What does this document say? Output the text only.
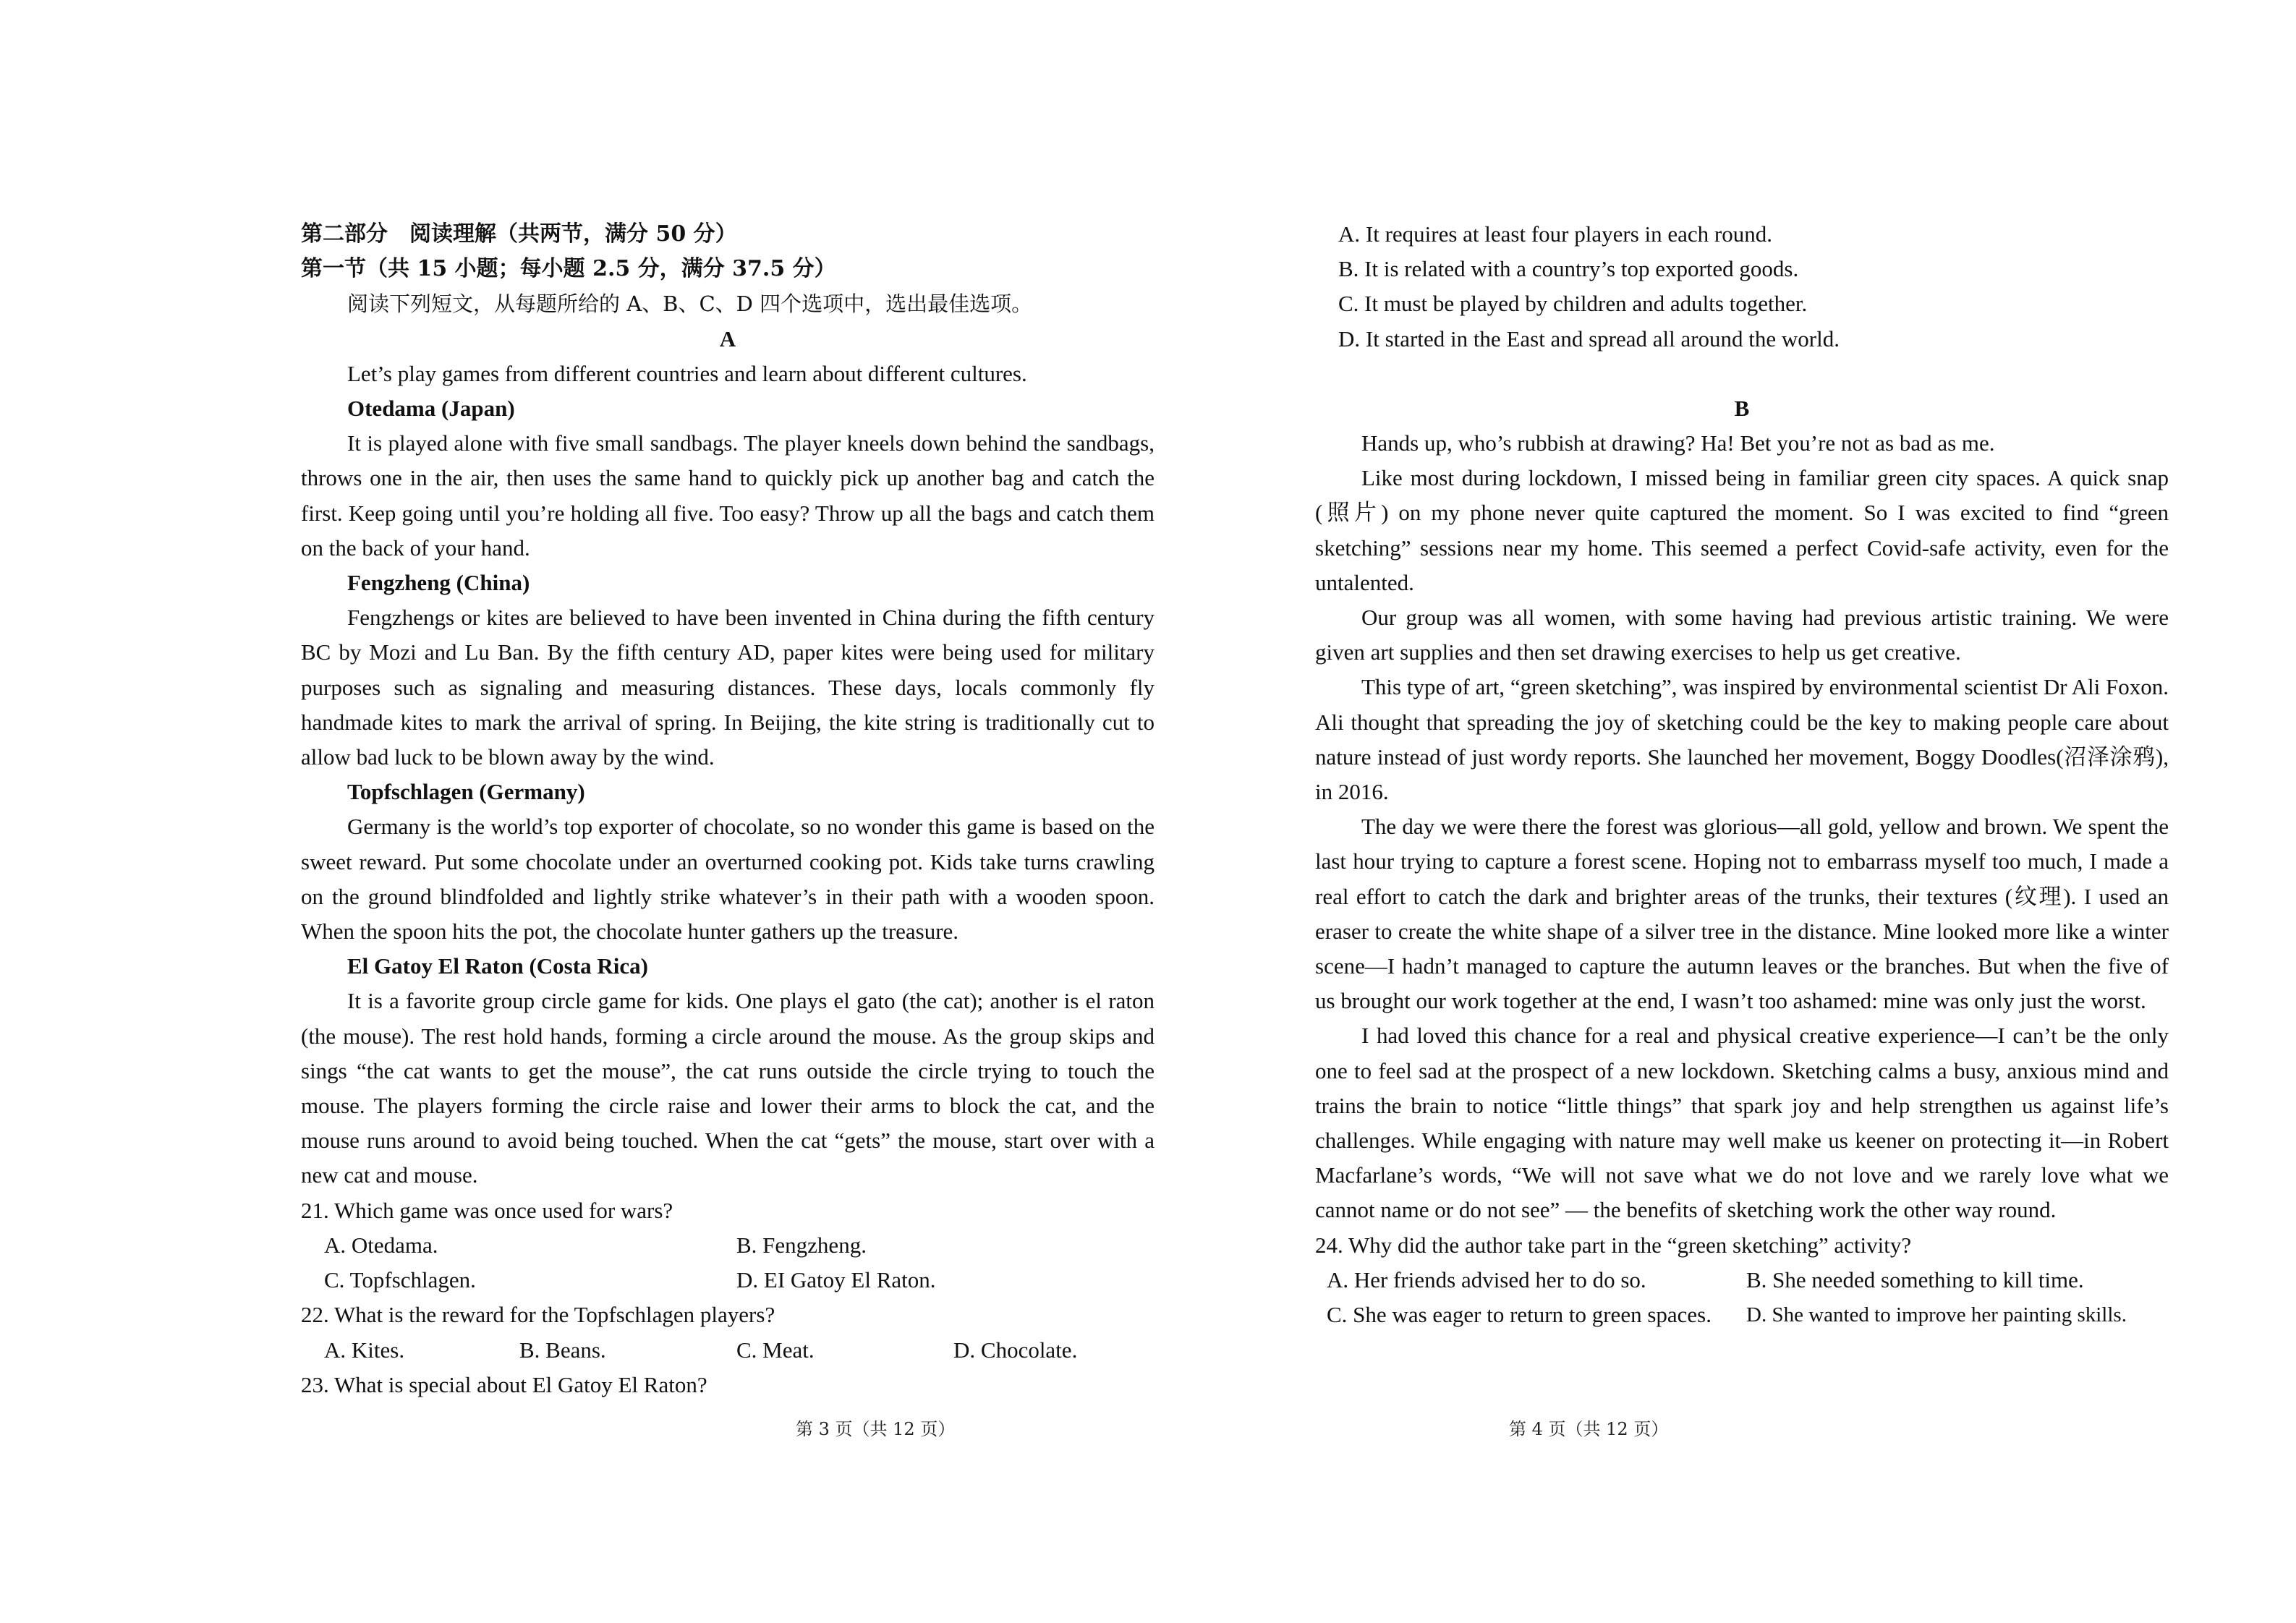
第二部分　阅读理解（共两节，满分 50 分）

第一节（共 15 小题；每小题 2.5 分，满分 37.5 分）

阅读下列短文，从每题所给的 A、B、C、D 四个选项中，选出最佳选项。

A

Let’s play games from different countries and learn about different cultures.

Otedama (Japan)

It is played alone with five small sandbags. The player kneels down behind the sandbags, throws one in the air, then uses the same hand to quickly pick up another bag and catch the first. Keep going until you’re holding all five. Too easy? Throw up all the bags and catch them on the back of your hand.

Fengzheng (China)

Fengzhengs or kites are believed to have been invented in China during the fifth century BC by Mozi and Lu Ban. By the fifth century AD, paper kites were being used for military purposes such as signaling and measuring distances. These days, locals commonly fly handmade kites to mark the arrival of spring. In Beijing, the kite string is traditionally cut to allow bad luck to be blown away by the wind.

Topfschlagen (Germany)

Germany is the world’s top exporter of chocolate, so no wonder this game is based on the sweet reward. Put some chocolate under an overturned cooking pot. Kids take turns crawling on the ground blindfolded and lightly strike whatever’s in their path with a wooden spoon. When the spoon hits the pot, the chocolate hunter gathers up the treasure.

El Gatoy El Raton (Costa Rica)

It is a favorite group circle game for kids. One plays el gato (the cat); another is el raton (the mouse). The rest hold hands, forming a circle around the mouse. As the group skips and sings “the cat wants to get the mouse”, the cat runs outside the circle trying to touch the mouse. The players forming the circle raise and lower their arms to block the cat, and the mouse runs around to avoid being touched. When the cat “gets” the mouse, start over with a new cat and mouse.

21. Which game was once used for wars?

A. Otedama.	B. Fengzheng.
C. Topfschlagen.	D. EI Gatoy El Raton.

22. What is the reward for the Topfschlagen players?

A. Kites.	B. Beans.	C. Meat.	D. Chocolate.

23. What is special about El Gatoy El Raton?

A. It requires at least four players in each round.
B. It is related with a country’s top exported goods.
C. It must be played by children and adults together.
D. It started in the East and spread all around the world.

B

Hands up, who’s rubbish at drawing? Ha! Bet you’re not as bad as me.

Like most during lockdown, I missed being in familiar green city spaces. A quick snap (照片) on my phone never quite captured the moment. So I was excited to find “green sketching” sessions near my home. This seemed a perfect Covid-safe activity, even for the untalented.

Our group was all women, with some having had previous artistic training. We were given art supplies and then set drawing exercises to help us get creative.

This type of art, “green sketching”, was inspired by environmental scientist Dr Ali Foxon. Ali thought that spreading the joy of sketching could be the key to making people care about nature instead of just wordy reports. She launched her movement, Boggy Doodles(沼泽涂鸦), in 2016.

The day we were there the forest was glorious—all gold, yellow and brown. We spent the last hour trying to capture a forest scene. Hoping not to embarrass myself too much, I made a real effort to catch the dark and brighter areas of the trunks, their textures (纹理). I used an eraser to create the white shape of a silver tree in the distance. Mine looked more like a winter scene—I hadn’t managed to capture the autumn leaves or the branches. But when the five of us brought our work together at the end, I wasn’t too ashamed: mine was only just the worst.

I had loved this chance for a real and physical creative experience—I can’t be the only one to feel sad at the prospect of a new lockdown. Sketching calms a busy, anxious mind and trains the brain to notice “little things” that spark joy and help strengthen us against life’s challenges. While engaging with nature may well make us keener on protecting it—in Robert Macfarlane’s words, “We will not save what we do not love and we rarely love what we cannot name or do not see” — the benefits of sketching work the other way round.

24. Why did the author take part in the “green sketching” activity?

A. Her friends advised her to do so.	B. She needed something to kill time.
C. She was eager to return to green spaces.	D. She wanted to improve her painting skills.
第 3 页（共 12 页）	第 4 页（共 12 页）
